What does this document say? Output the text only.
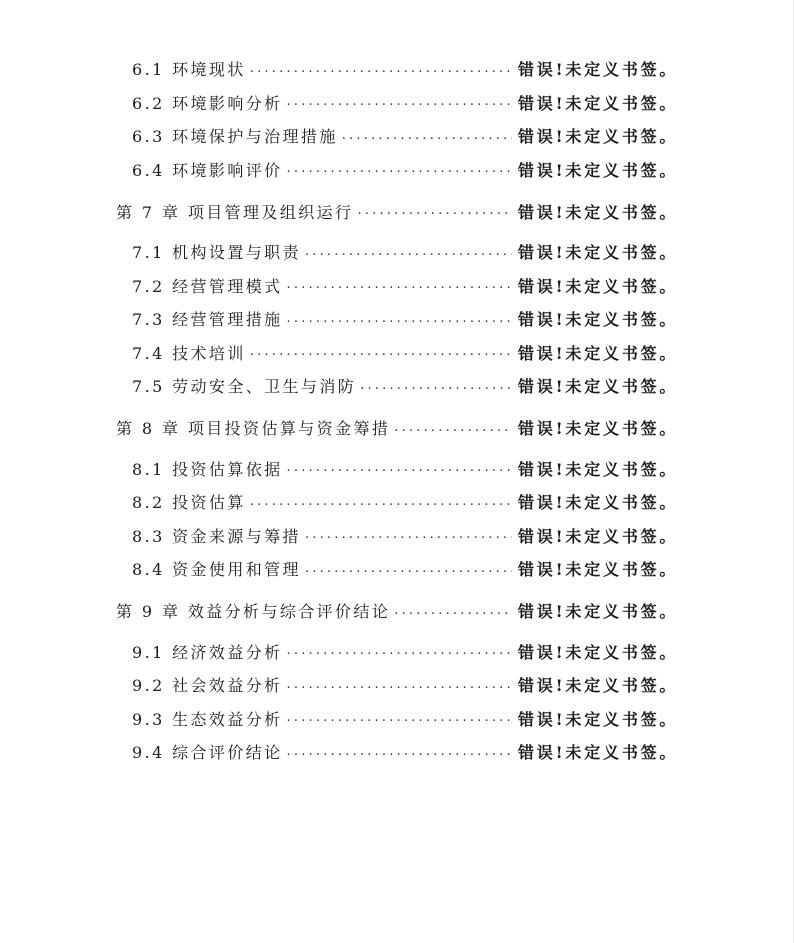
6.1 环境现状 .....	错误!未定义书签。
6.2 环境影响分析 .....	错误!未定义书签。
6.3 环境保护与治理措施 .....	错误!未定义书签。
6.4 环境影响评价 .....	错误!未定义书签。
第 7 章 项目管理及组织运行 .....	错误!未定义书签。
7.1 机构设置与职责 .....	错误!未定义书签。
7.2 经营管理模式 .....	错误!未定义书签。
7.3 经营管理措施 .....	错误!未定义书签。
7.4 技术培训 .....	错误!未定义书签。
7.5 劳动安全、卫生与消防 .....	错误!未定义书签。
第 8 章 项目投资估算与资金筹措 .....	错误!未定义书签。
8.1 投资估算依据 .....	错误!未定义书签。
8.2 投资估算 .....	错误!未定义书签。
8.3 资金来源与筹措 .....	错误!未定义书签。
8.4 资金使用和管理 .....	错误!未定义书签。
第 9 章 效益分析与综合评价结论 .....	错误!未定义书签。
9.1 经济效益分析 .....	错误!未定义书签。
9.2 社会效益分析 .....	错误!未定义书签。
9.3 生态效益分析 .....	错误!未定义书签。
9.4 综合评价结论 .....	错误!未定义书签。
